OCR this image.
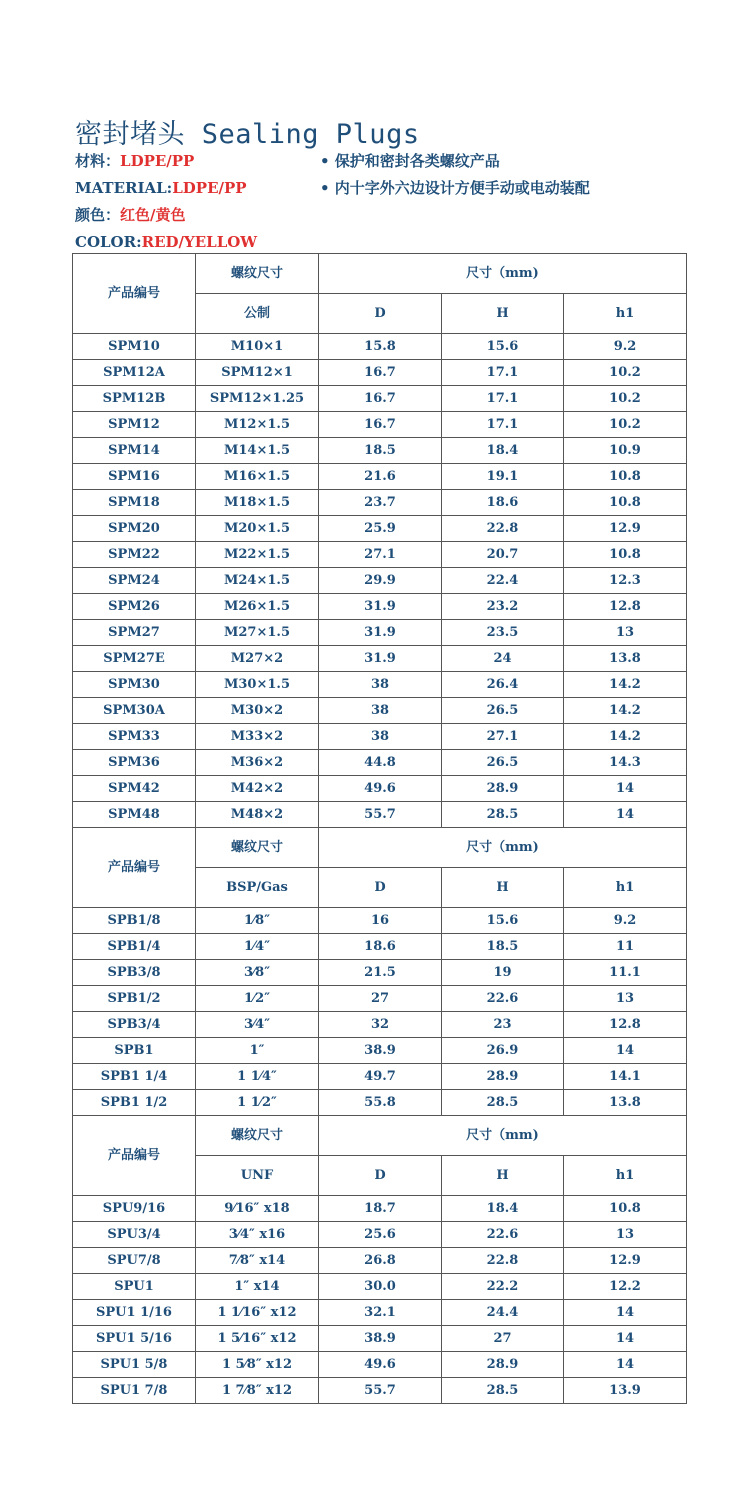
密封堵头 Sealing Plugs
材料：LDPE/PP
MATERIAL:LDPE/PP
颜色：红色/黄色
COLOR:RED/YELLOW
• 保护和密封各类螺纹产品
• 内十字外六边设计方便手动或电动装配
产品编号	螺纹尺寸	尺寸（mm)		
	公制	D	H	h1
SPM10	M10×1	15.8	15.6	9.2
SPM12A	SPM12×1	16.7	17.1	10.2
SPM12B	SPM12×1.25	16.7	17.1	10.2
SPM12	M12×1.5	16.7	17.1	10.2
SPM14	M14×1.5	18.5	18.4	10.9
SPM16	M16×1.5	21.6	19.1	10.8
SPM18	M18×1.5	23.7	18.6	10.8
SPM20	M20×1.5	25.9	22.8	12.9
SPM22	M22×1.5	27.1	20.7	10.8
SPM24	M24×1.5	29.9	22.4	12.3
SPM26	M26×1.5	31.9	23.2	12.8
SPM27	M27×1.5	31.9	23.5	13
SPM27E	M27×2	31.9	24	13.8
SPM30	M30×1.5	38	26.4	14.2
SPM30A	M30×2	38	26.5	14.2
SPM33	M33×2	38	27.1	14.2
SPM36	M36×2	44.8	26.5	14.3
SPM42	M42×2	49.6	28.9	14
SPM48	M48×2	55.7	28.5	14
产品编号	螺纹尺寸	尺寸（mm)		
	BSP/Gas	D	H	h1
SPB1/8	1⁄8″	16	15.6	9.2
SPB1/4	1⁄4″	18.6	18.5	11
SPB3/8	3⁄8″	21.5	19	11.1
SPB1/2	1⁄2″	27	22.6	13
SPB3/4	3⁄4″	32	23	12.8
SPB1	1″	38.9	26.9	14
SPB1 1/4	1 1⁄4″	49.7	28.9	14.1
SPB1 1/2	1 1⁄2″	55.8	28.5	13.8
产品编号	螺纹尺寸	尺寸（mm)		
	UNF	D	H	h1
SPU9/16	9⁄16″ x18	18.7	18.4	10.8
SPU3/4	3⁄4″ x16	25.6	22.6	13
SPU7/8	7⁄8″ x14	26.8	22.8	12.9
SPU1	1″ x14	30.0	22.2	12.2
SPU1 1/16	1 1⁄16″ x12	32.1	24.4	14
SPU1 5/16	1 5⁄16″ x12	38.9	27	14
SPU1 5/8	1 5⁄8″ x12	49.6	28.9	14
SPU1 7/8	1 7⁄8″ x12	55.7	28.5	13.9
